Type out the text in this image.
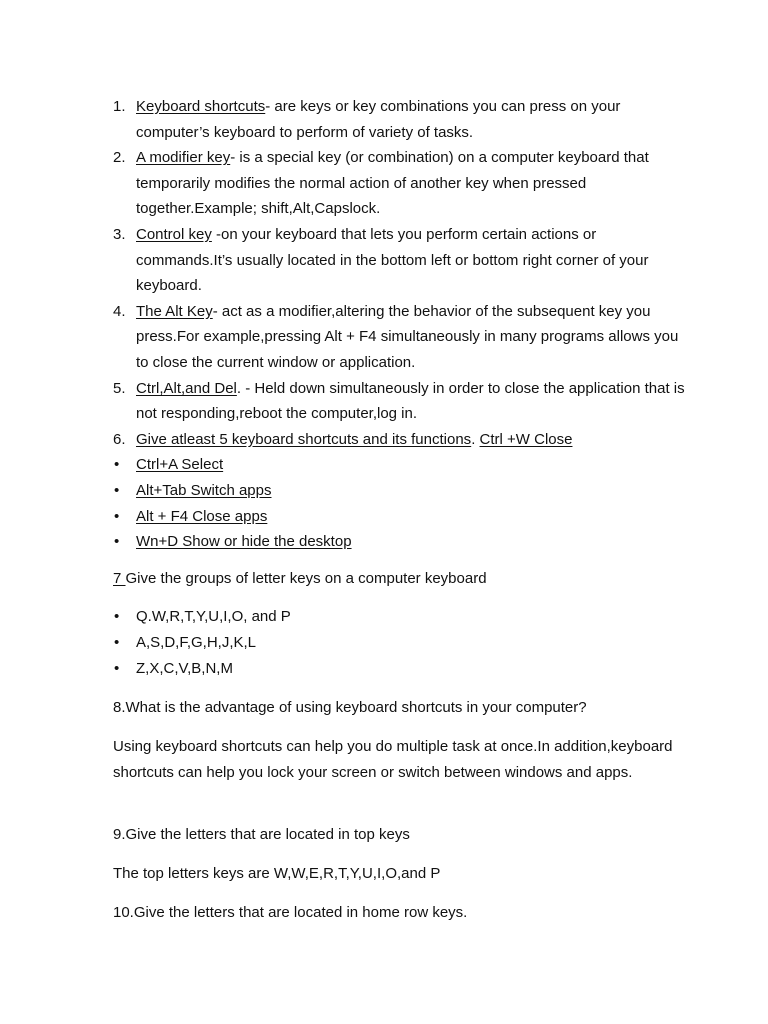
1. Keyboard shortcuts- are keys or key combinations you can press on your computer’s keyboard to perform of variety of tasks.
2. A modifier key- is a special key (or combination) on a computer keyboard that temporarily modifies the normal action of another key when pressed together.Example; shift,Alt,Capslock.
3. Control key -on your keyboard that lets you perform certain actions or commands.It’s usually located in the bottom left or bottom right corner of your keyboard.
4. The Alt Key- act as a modifier,altering the behavior of the subsequent key you press.For example,pressing Alt + F4 simultaneously in many programs allows you to close the current window or application.
5. Ctrl,Alt,and Del. - Held down simultaneously in order to close the application that is not responding,reboot the computer,log in.
6. Give atleast 5 keyboard shortcuts and its functions. Ctrl +W Close
•	Ctrl+A Select
•	Alt+Tab Switch apps
•	Alt + F4 Close apps
•	Wn+D Show or hide the desktop

7 Give the groups of letter keys on a computer keyboard

•	Q.W,R,T,Y,U,I,O, and P
•	A,S,D,F,G,H,J,K,L
•	Z,X,C,V,B,N,M

8.What is the advantage of using keyboard shortcuts in your computer?

Using keyboard shortcuts can help you do multiple task at once.In addition,keyboard shortcuts can help you lock your screen or switch between windows and apps.

9.Give the letters that are located in top keys

The top letters keys are W,W,E,R,T,Y,U,I,O,and P

10.Give the letters that are located in home row keys.
